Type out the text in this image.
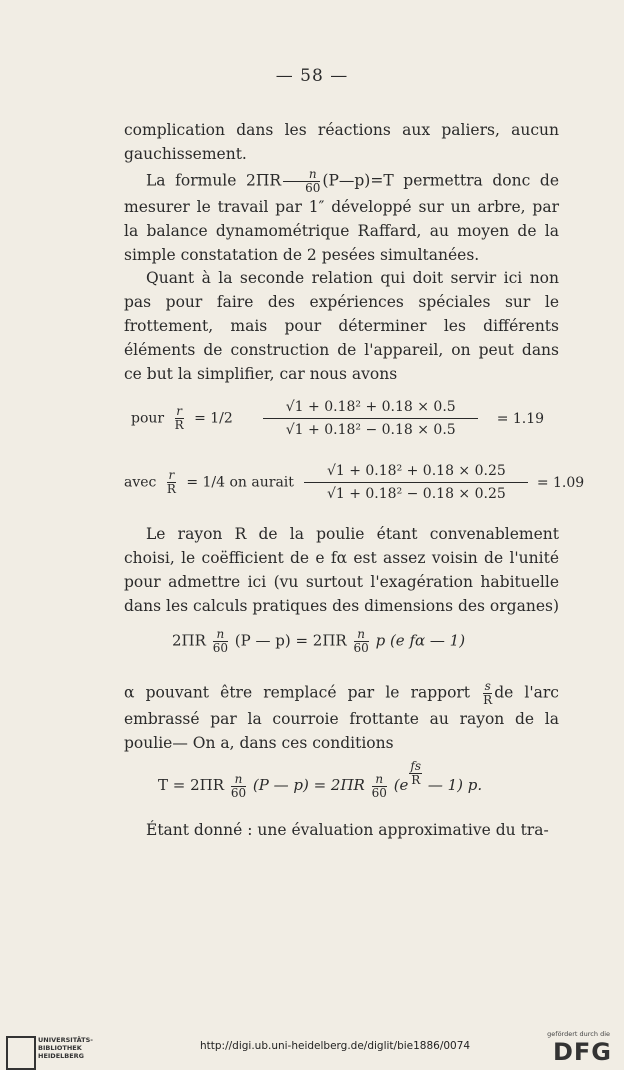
— 58 —
complication dans les réactions aux paliers, aucun gauchissement.
La formule $2\Pi R \frac{n}{60}$ (P—p)=T permettra donc de mesurer le travail par 1″ développé sur un arbre, par la balance dynamométrique Raffard, au moyen de la simple constatation de 2 pesées simultanées.
Quant à la seconde relation qui doit servir ici non pas pour faire des expériences spéciales sur le frottement, mais pour déterminer les différents éléments de construction de l'appareil, on peut dans ce but la simplifier, car nous avons
pour $\frac{r}{R} = 1/2 \frac{\text{√1 + 0.18² + 0.18 × 0.5}}{\text{√1 + 0.18² − 0.18 × 0.5}} = 1.19$
avec $\frac{r}{R} = 1/4$ on aurait $\frac{\text{√1 + 0.18² + 0.18 × 0.25}}{\text{√1 + 0.18² − 0.18 × 0.25}} = 1.09$
Le rayon R de la poulie étant convenablement choisi, le coëfficient de e fα est assez voisin de l'unité pour admettre ici (vu surtout l'exagération habituelle dans les calculs pratiques des dimensions des organes)
$2\Pi R \frac{n}{60} (P$ — $p) = 2\Pi R \frac{n}{60}$ p (e fα — 1)
α pouvant être remplacé par le rapport $\frac{s}{R}$ de l'arc embrassé par la courroie frottante au rayon de la poulie— On a, dans ces conditions
$T = 2\Pi R \frac{n}{60} (P$ — $p) = 2\Pi R \frac{n}{60} (e \frac{fs}{R}$ — 1) p.
Étant donné : une évaluation approximative du tra-
UNIVERSITÄTS-
BIBLIOTHEK
HEIDELBERG
http://digi.ub.uni-heidelberg.de/diglit/bie1886/0074
gefördert durch die
DFG
